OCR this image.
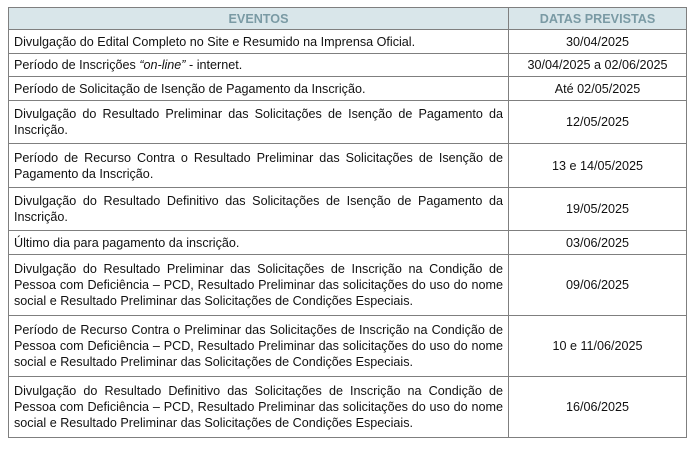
EVENTOS	DATAS PREVISTAS
Divulgação do Edital Completo no Site e Resumido na Imprensa Oficial.	30/04/2025
Período de Inscrições “on-line” - internet.	30/04/2025 a 02/06/2025
Período de Solicitação de Isenção de Pagamento da Inscrição.	Até 02/05/2025
Divulgação do Resultado Preliminar das Solicitações de Isenção de Pagamento da Inscrição.	12/05/2025
Período de Recurso Contra o Resultado Preliminar das Solicitações de Isenção de Pagamento da Inscrição.	13 e 14/05/2025
Divulgação do Resultado Definitivo das Solicitações de Isenção de Pagamento da Inscrição.	19/05/2025
Último dia para pagamento da inscrição.	03/06/2025
Divulgação do Resultado Preliminar das Solicitações de Inscrição na Condição de Pessoa com Deficiência – PCD, Resultado Preliminar das solicitações do uso do nome social e Resultado Preliminar das Solicitações de Condições Especiais.	09/06/2025
Período de Recurso Contra o Preliminar das Solicitações de Inscrição na Condição de Pessoa com Deficiência – PCD, Resultado Preliminar das solicitações do uso do nome social e Resultado Preliminar das Solicitações de Condições Especiais.	10 e 11/06/2025
Divulgação do Resultado Definitivo das Solicitações de Inscrição na Condição de Pessoa com Deficiência – PCD, Resultado Preliminar das solicitações do uso do nome social e Resultado Preliminar das Solicitações de Condições Especiais.	16/06/2025
